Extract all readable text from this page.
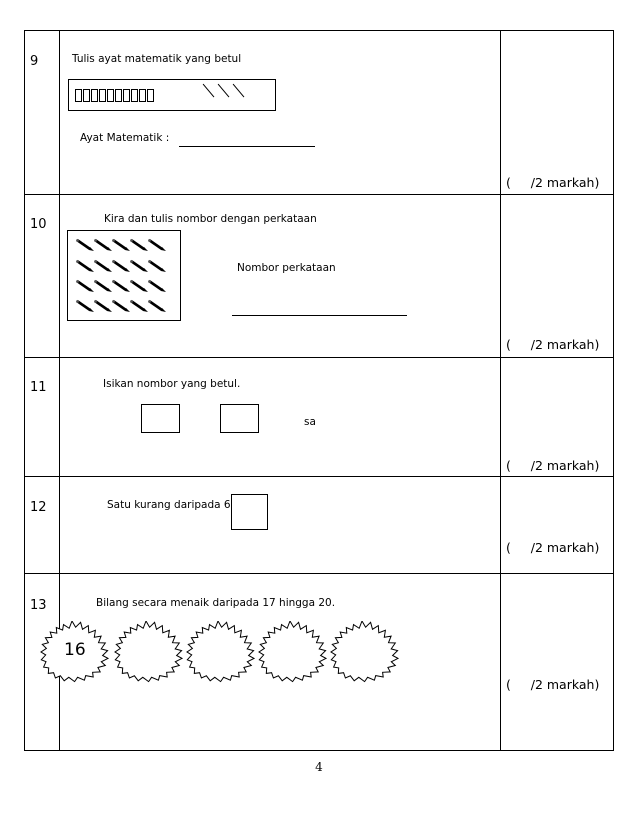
9	Tulis ayat matematik yang betul
Ayat Matematik :
(     /2 markah)
10	Kira dan tulis nombor dengan perkataan
Nombor perkataan
(     /2 markah)
11	Isikan nombor yang betul.
sa
(     /2 markah)
12	Satu kurang daripada 6
(     /2 markah)
13	Bilang secara menaik daripada 17 hingga 20.
16
(     /2 markah)
4
